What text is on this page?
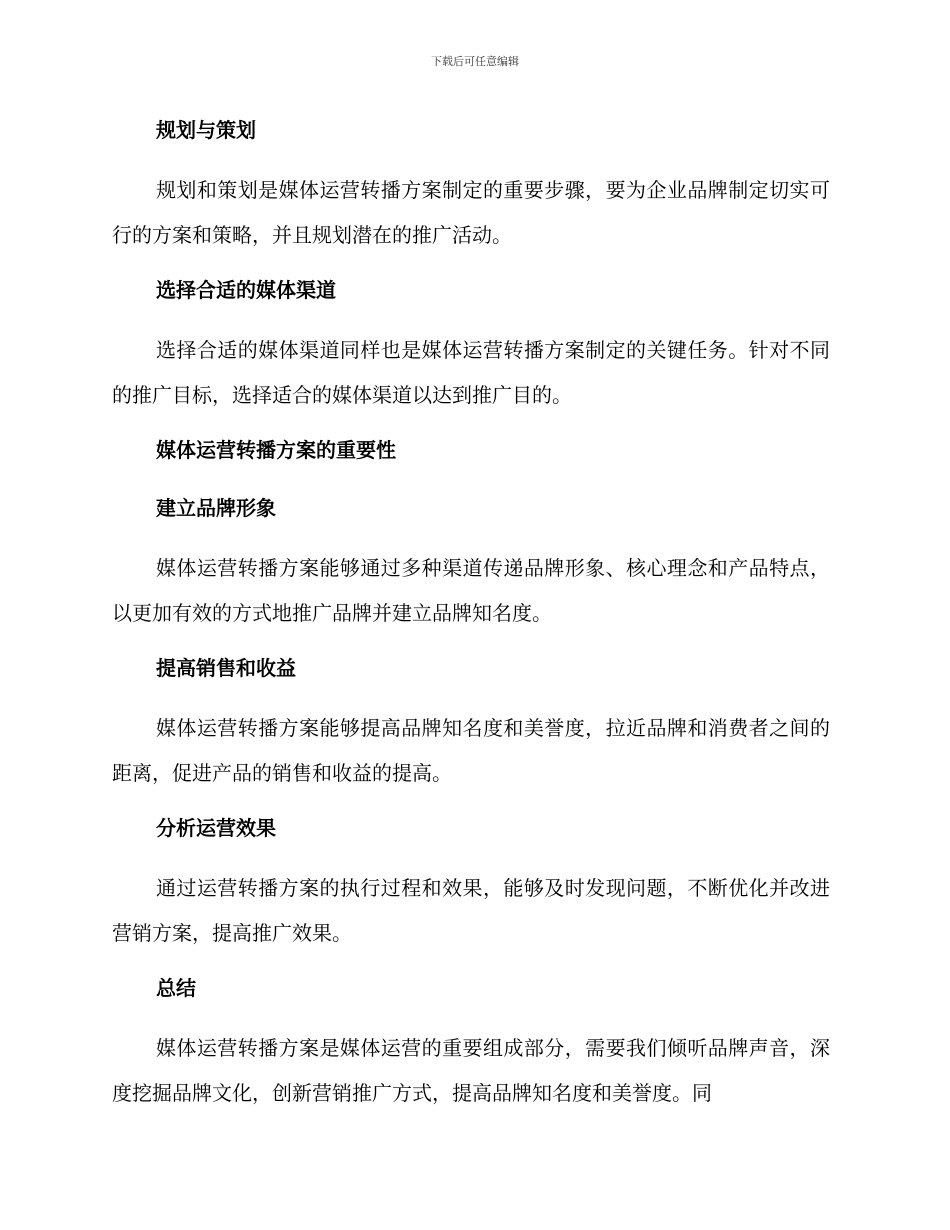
下载后可任意编辑
规划与策划

规划和策划是媒体运营转播方案制定的重要步骤，要为企业品牌制定切实可行的方案和策略，并且规划潜在的推广活动。

选择合适的媒体渠道

选择合适的媒体渠道同样也是媒体运营转播方案制定的关键任务。针对不同的推广目标，选择适合的媒体渠道以达到推广目的。

媒体运营转播方案的重要性
建立品牌形象

媒体运营转播方案能够通过多种渠道传递品牌形象、核心理念和产品特点，以更加有效的方式地推广品牌并建立品牌知名度。

提高销售和收益

媒体运营转播方案能够提高品牌知名度和美誉度，拉近品牌和消费者之间的距离，促进产品的销售和收益的提高。

分析运营效果

通过运营转播方案的执行过程和效果，能够及时发现问题，不断优化并改进营销方案，提高推广效果。

总结

媒体运营转播方案是媒体运营的重要组成部分，需要我们倾听品牌声音，深度挖掘品牌文化，创新营销推广方式，提高品牌知名度和美誉度。同
